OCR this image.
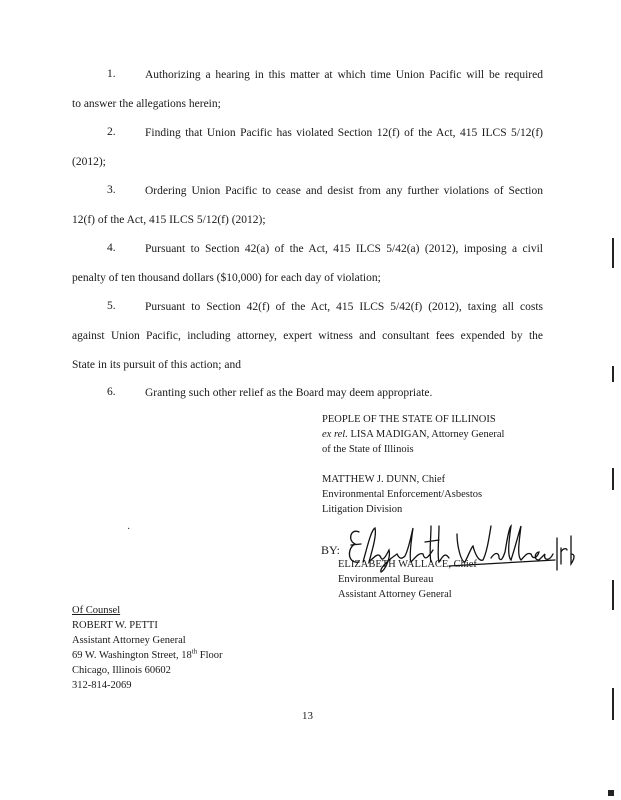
1.	Authorizing a hearing in this matter at which time Union Pacific will be required
to answer the allegations herein;
2.	Finding that Union Pacific has violated Section 12(f) of the Act, 415 ILCS 5/12(f)
(2012);
3.	Ordering Union Pacific to cease and desist from any further violations of Section
12(f) of the Act, 415 ILCS 5/12(f) (2012);
4.	Pursuant to Section 42(a) of the Act, 415 ILCS 5/42(a) (2012), imposing a civil
penalty of ten thousand dollars ($10,000) for each day of violation;
5.	Pursuant to Section 42(f) of the Act, 415 ILCS 5/42(f) (2012), taxing all costs
against Union Pacific, including attorney, expert witness and consultant fees expended by the
State in its pursuit of this action; and
6.	Granting such other relief as the Board may deem appropriate.
PEOPLE OF THE STATE OF ILLINOIS
ex rel. LISA MADIGAN, Attorney General
of the State of Illinois
MATTHEW J. DUNN, Chief
Environmental Enforcement/Asbestos
Litigation Division
·
BY:
ELIZABETH WALLACE, Chief
Environmental Bureau
Assistant Attorney General
Of Counsel
ROBERT W. PETTI
Assistant Attorney General
69 W. Washington Street, 18th Floor
Chicago, Illinois 60602
312-814-2069
13
